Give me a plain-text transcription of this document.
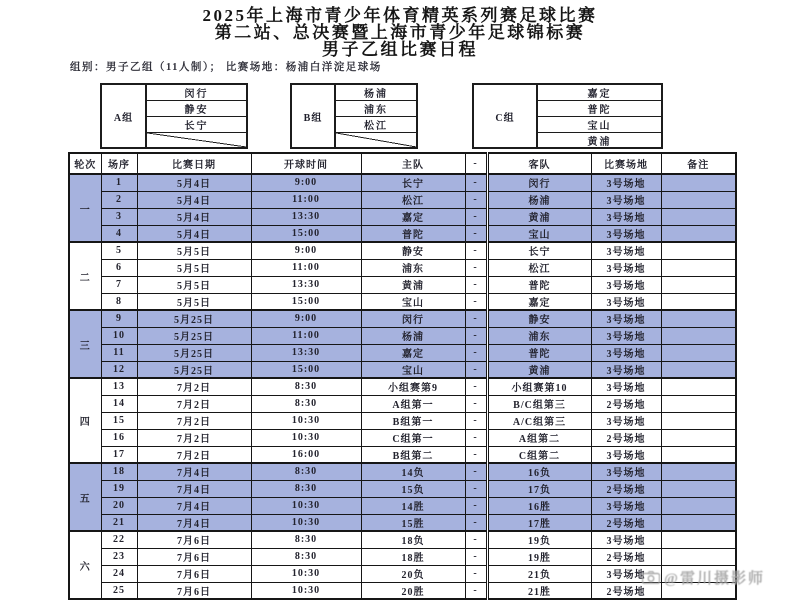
2025年上海市青少年体育精英系列赛足球比赛
第二站、总决赛暨上海市青少年足球锦标赛
男子乙组比赛日程
组别：男子乙组（11人制）； 比赛场地：杨浦白洋淀足球场
A组
闵行
静安
长宁
B组
杨浦
浦东
松江
C组
嘉定
普陀
宝山
黄浦
轮次	场序	比赛日期	开球时间	主队	-	客队	比赛场地	备注
一	1	5月4日	9:00	长宁	-	闵行	3号场地	
	2	5月4日	11:00	松江	-	杨浦	3号场地	
	3	5月4日	13:30	嘉定	-	黄浦	3号场地	
	4	5月4日	15:00	普陀	-	宝山	3号场地	
二	5	5月5日	9:00	静安	-	长宁	3号场地	
	6	5月5日	11:00	浦东	-	松江	3号场地	
	7	5月5日	13:30	黄浦	-	普陀	3号场地	
	8	5月5日	15:00	宝山	-	嘉定	3号场地	
三	9	5月25日	9:00	闵行	-	静安	3号场地	
	10	5月25日	11:00	杨浦	-	浦东	3号场地	
	11	5月25日	13:30	嘉定	-	普陀	3号场地	
	12	5月25日	15:00	宝山	-	黄浦	3号场地	
四	13	7月2日	8:30	小组赛第9	-	小组赛第10	3号场地	
	14	7月2日	8:30	A组第一	-	B/C组第三	2号场地	
	15	7月2日	10:30	B组第一	-	A/C组第三	3号场地	
	16	7月2日	10:30	C组第一	-	A组第二	2号场地	
	17	7月2日	16:00	B组第二	-	C组第二	3号场地	
五	18	7月4日	8:30	14负	-	16负	3号场地	
	19	7月4日	8:30	15负	-	17负	2号场地	
	20	7月4日	10:30	14胜	-	16胜	3号场地	
	21	7月4日	10:30	15胜	-	17胜	2号场地	
六	22	7月6日	8:30	18负	-	19负	3号场地	
	23	7月6日	8:30	18胜	-	19胜	2号场地	
	24	7月6日	10:30	20负	-	21负	3号场地	
	25	7月6日	10:30	20胜	-	21胜	2号场地	
@雷川摄影师
